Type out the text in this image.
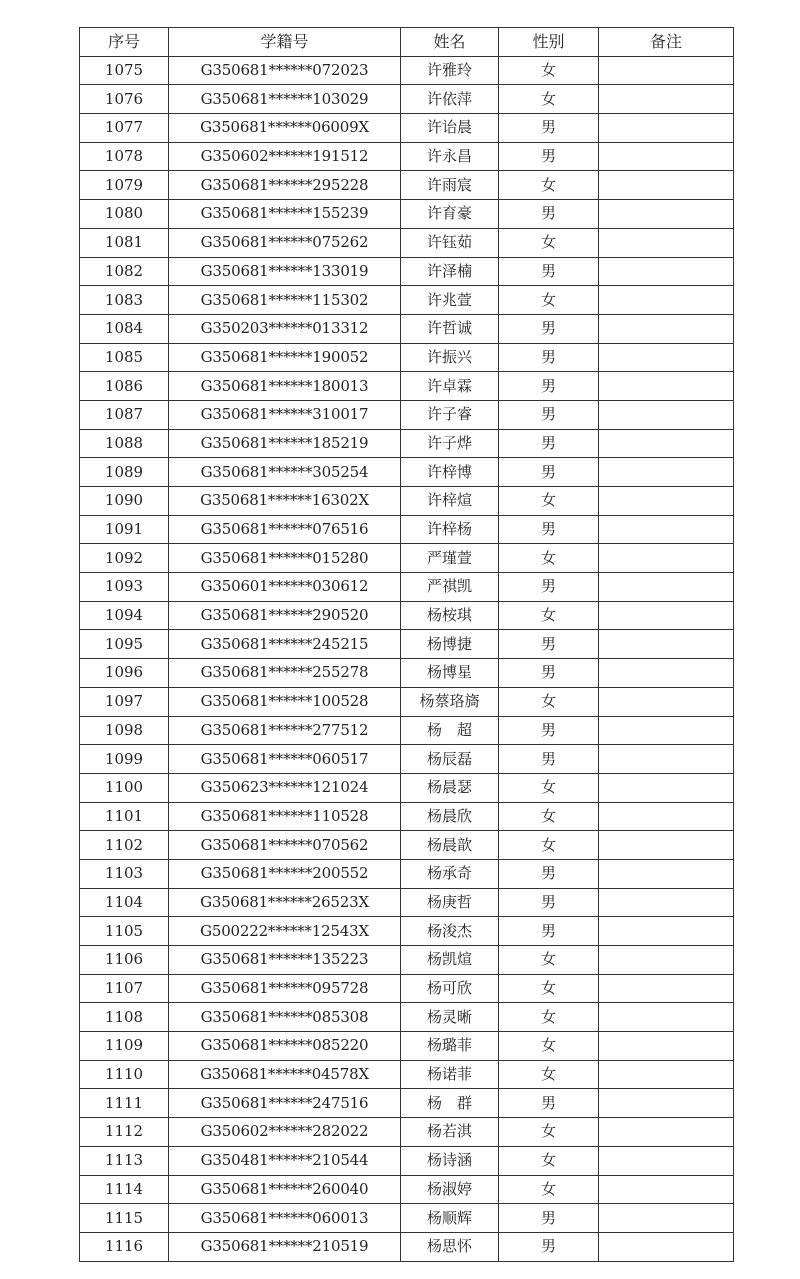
序号	学籍号	姓名	性别	备注
1075	G350681******072023	许雅玲	女	
1076	G350681******103029	许依萍	女	
1077	G350681******06009X	许诒晨	男	
1078	G350602******191512	许永昌	男	
1079	G350681******295228	许雨宸	女	
1080	G350681******155239	许育豪	男	
1081	G350681******075262	许钰茹	女	
1082	G350681******133019	许泽楠	男	
1083	G350681******115302	许兆萱	女	
1084	G350203******013312	许哲诚	男	
1085	G350681******190052	许振兴	男	
1086	G350681******180013	许卓霖	男	
1087	G350681******310017	许子睿	男	
1088	G350681******185219	许子烨	男	
1089	G350681******305254	许梓博	男	
1090	G350681******16302X	许梓煊	女	
1091	G350681******076516	许梓杨	男	
1092	G350681******015280	严瑾萱	女	
1093	G350601******030612	严祺凯	男	
1094	G350681******290520	杨桉琪	女	
1095	G350681******245215	杨博捷	男	
1096	G350681******255278	杨博星	男	
1097	G350681******100528	杨蔡珞旖	女	
1098	G350681******277512	杨　超	男	
1099	G350681******060517	杨辰磊	男	
1100	G350623******121024	杨晨瑟	女	
1101	G350681******110528	杨晨欣	女	
1102	G350681******070562	杨晨歆	女	
1103	G350681******200552	杨承奇	男	
1104	G350681******26523X	杨庚哲	男	
1105	G500222******12543X	杨浚杰	男	
1106	G350681******135223	杨凯煊	女	
1107	G350681******095728	杨可欣	女	
1108	G350681******085308	杨灵晰	女	
1109	G350681******085220	杨璐菲	女	
1110	G350681******04578X	杨诺菲	女	
1111	G350681******247516	杨　群	男	
1112	G350602******282022	杨若淇	女	
1113	G350481******210544	杨诗涵	女	
1114	G350681******260040	杨淑婷	女	
1115	G350681******060013	杨顺辉	男	
1116	G350681******210519	杨思怀	男	
